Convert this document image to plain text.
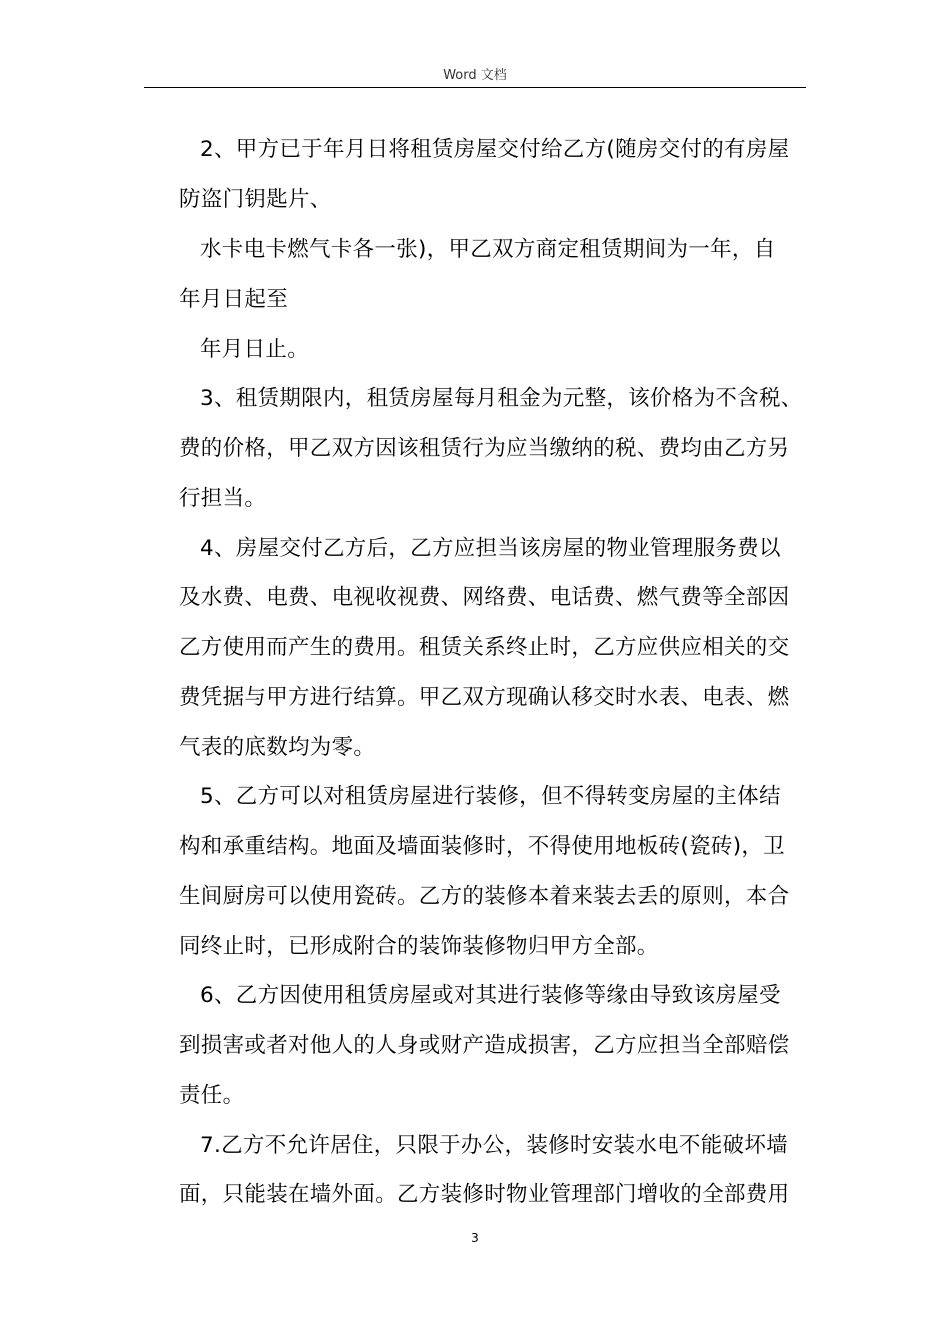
Word 文档
2、甲方已于年月日将租赁房屋交付给乙方(随房交付的有房屋
防盗门钥匙片、
水卡电卡燃气卡各一张)，甲乙双方商定租赁期间为一年，自
年月日起至
年月日止。
3、租赁期限内，租赁房屋每月租金为元整，该价格为不含税、
费的价格，甲乙双方因该租赁行为应当缴纳的税、费均由乙方另
行担当。
4、房屋交付乙方后，乙方应担当该房屋的物业管理服务费以
及水费、电费、电视收视费、网络费、电话费、燃气费等全部因
乙方使用而产生的费用。租赁关系终止时，乙方应供应相关的交
费凭据与甲方进行结算。甲乙双方现确认移交时水表、电表、燃
气表的底数均为零。
5、乙方可以对租赁房屋进行装修，但不得转变房屋的主体结
构和承重结构。地面及墙面装修时，不得使用地板砖(瓷砖)，卫
生间厨房可以使用瓷砖。乙方的装修本着来装去丢的原则，本合
同终止时，已形成附合的装饰装修物归甲方全部。
6、乙方因使用租赁房屋或对其进行装修等缘由导致该房屋受
到损害或者对他人的人身或财产造成损害，乙方应担当全部赔偿
责任。
7.乙方不允许居住，只限于办公，装修时安装水电不能破坏墙
面，只能装在墙外面。乙方装修时物业管理部门增收的全部费用
3
